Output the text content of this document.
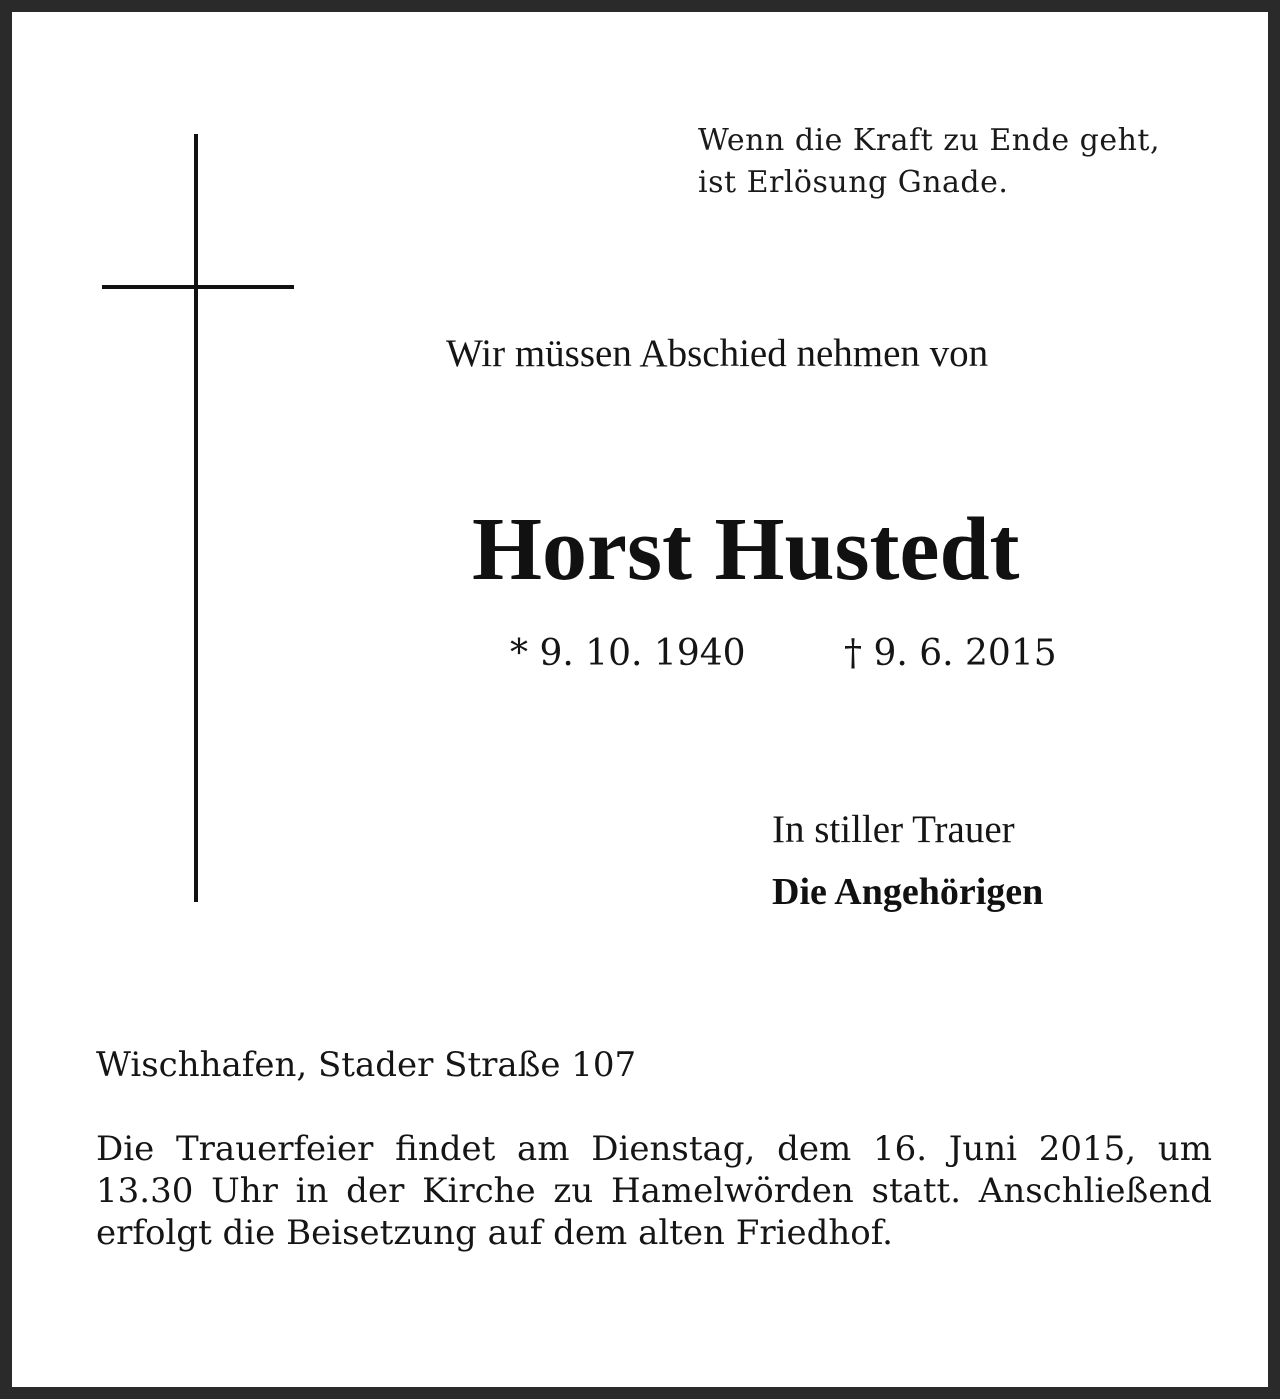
Wenn die Kraft zu Ende geht,
ist Erlösung Gnade.
Wir müssen Abschied nehmen von
Horst Hustedt
* 9. 10. 1940	† 9. 6. 2015
In stiller Trauer
Die Angehörigen
Wischhafen, Stader Straße 107
Die Trauerfeier findet am Dienstag, dem 16. Juni 2015, um 13.30 Uhr in der Kirche zu Hamelwörden statt. Anschließend erfolgt die Beisetzung auf dem alten Friedhof.
